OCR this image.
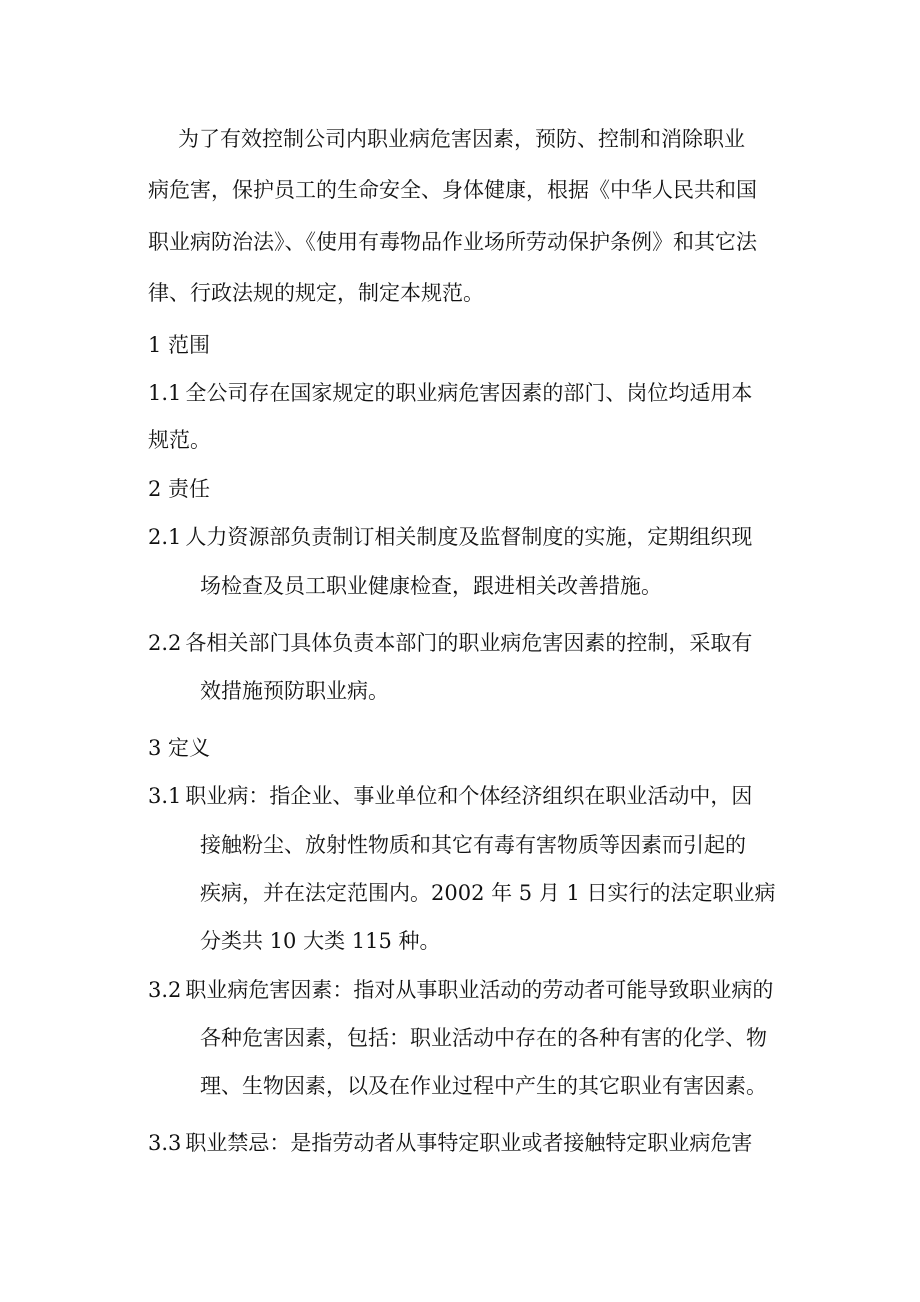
为了有效控制公司内职业病危害因素，预防、控制和消除职业
病危害，保护员工的生命安全、身体健康，根据《中华人民共和国
职业病防治法》、《使用有毒物品作业场所劳动保护条例》和其它法
律、行政法规的规定，制定本规范。
1 范围
1.1 全公司存在国家规定的职业病危害因素的部门、岗位均适用本
规范。
2 责任
2.1 人力资源部负责制订相关制度及监督制度的实施，定期组织现
场检查及员工职业健康检查，跟进相关改善措施。
2.2 各相关部门具体负责本部门的职业病危害因素的控制，采取有
效措施预防职业病。
3 定义
3.1 职业病：指企业、事业单位和个体经济组织在职业活动中，因
接触粉尘、放射性物质和其它有毒有害物质等因素而引起的
疾病，并在法定范围内。2002 年 5 月 1 日实行的法定职业病
分类共 10 大类 115 种。
3.2 职业病危害因素：指对从事职业活动的劳动者可能导致职业病的
各种危害因素，包括：职业活动中存在的各种有害的化学、物
理、生物因素，以及在作业过程中产生的其它职业有害因素。
3.3 职业禁忌：是指劳动者从事特定职业或者接触特定职业病危害
